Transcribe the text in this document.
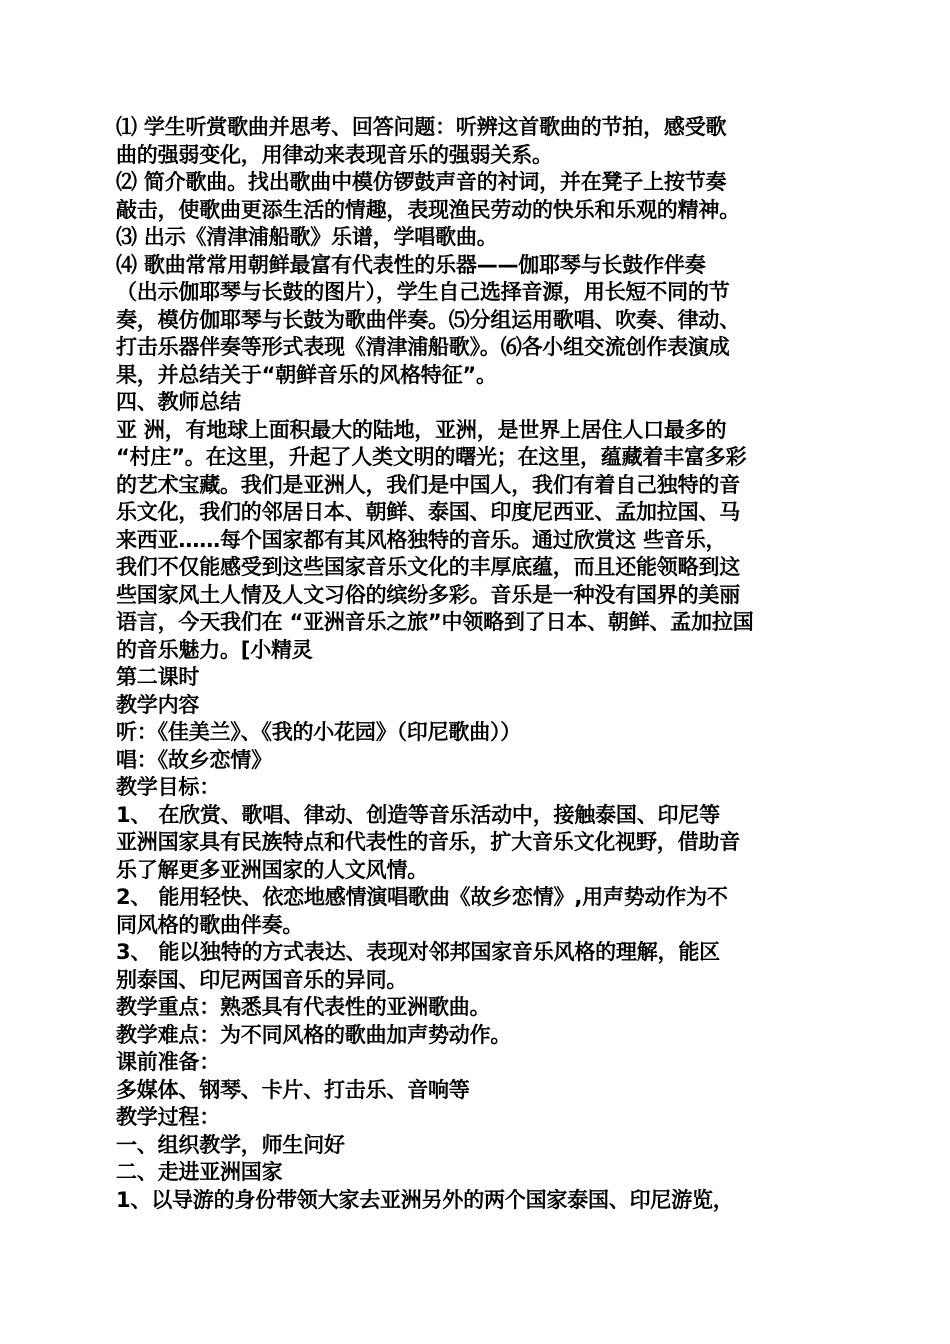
⑴ 学生听赏歌曲并思考、回答问题：听辨这首歌曲的节拍，感受歌
曲的强弱变化，用律动来表现音乐的强弱关系。
⑵ 简介歌曲。找出歌曲中模仿锣鼓声音的衬词，并在凳子上按节奏
敲击，使歌曲更添生活的情趣，表现渔民劳动的快乐和乐观的精神。
⑶ 出示《清津浦船歌》乐谱，学唱歌曲。
⑷ 歌曲常常用朝鲜最富有代表性的乐器——伽耶琴与长鼓作伴奏
（出示伽耶琴与长鼓的图片），学生自己选择音源，用长短不同的节
奏，模仿伽耶琴与长鼓为歌曲伴奏。⑸分组运用歌唱、吹奏、律动、
打击乐器伴奏等形式表现《清津浦船歌》。⑹各小组交流创作表演成
果，并总结关于“朝鲜音乐的风格特征”。
四、教师总结
亚 洲，有地球上面积最大的陆地，亚洲，是世界上居住人口最多的
“村庄”。在这里，升起了人类文明的曙光；在这里，蕴藏着丰富多彩
的艺术宝藏。我们是亚洲人，我们是中国人，我们有着自己独特的音
乐文化，我们的邻居日本、朝鲜、泰国、印度尼西亚、孟加拉国、马
来西亚……每个国家都有其风格独特的音乐。通过欣赏这 些音乐，
我们不仅能感受到这些国家音乐文化的丰厚底蕴，而且还能领略到这
些国家风土人情及人文习俗的缤纷多彩。音乐是一种没有国界的美丽
语言，今天我们在 “亚洲音乐之旅”中领略到了日本、朝鲜、孟加拉国
的音乐魅力。[小精灵
第二课时
教学内容
听：《佳美兰》、《我的小花园》（印尼歌曲））
唱：《故乡恋情》
教学目标：
1、 在欣赏、歌唱、律动、创造等音乐活动中，接触泰国、印尼等
亚洲国家具有民族特点和代表性的音乐，扩大音乐文化视野，借助音
乐了解更多亚洲国家的人文风情。
2、 能用轻快、依恋地感情演唱歌曲《故乡恋情》,用声势动作为不
同风格的歌曲伴奏。
3、 能以独特的方式表达、表现对邻邦国家音乐风格的理解，能区
别泰国、印尼两国音乐的异同。
教学重点：熟悉具有代表性的亚洲歌曲。
教学难点：为不同风格的歌曲加声势动作。
课前准备：
多媒体、钢琴、卡片、打击乐、音响等
教学过程：
一、组织教学，师生问好
二、走进亚洲国家
1、以导游的身份带领大家去亚洲另外的两个国家泰国、印尼游览，
